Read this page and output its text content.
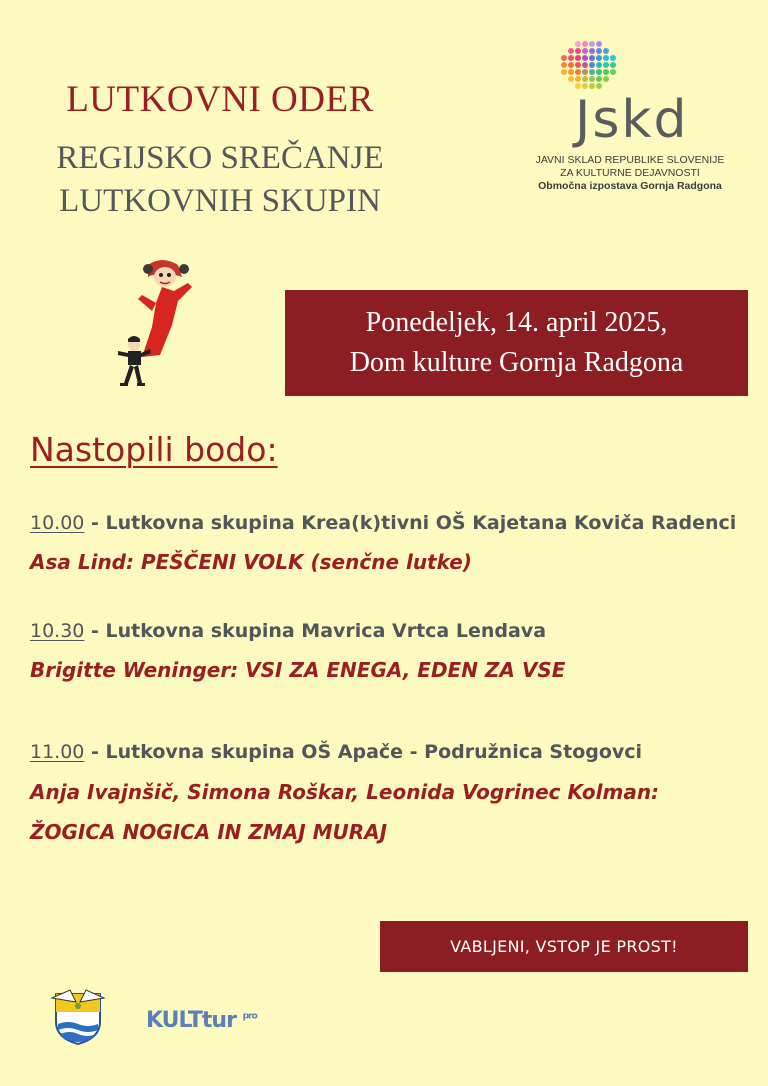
LUTKOVNI ODER
REGIJSKO SREČANJE
LUTKOVNIH SKUPIN
Jskd
JAVNI SKLAD REPUBLIKE SLOVENIJE
ZA KULTURNE DEJAVNOSTI
Območna izpostava Gornja Radgona
Ponedeljek, 14. april 2025,
Dom kulture Gornja Radgona
Nastopili bodo:
10.00 - Lutkovna skupina Krea(k)tivni OŠ Kajetana Koviča Radenci
Asa Lind: PEŠČENI VOLK (senčne lutke)
10.30 - Lutkovna skupina Mavrica Vrtca Lendava
Brigitte Weninger: VSI ZA ENEGA, EDEN ZA VSE
11.00 - Lutkovna skupina OŠ Apače - Podružnica Stogovci
Anja Ivajnšič, Simona Roškar, Leonida Vogrinec Kolman:
ŽOGICA NOGICA IN ZMAJ MURAJ
VABLJENI, VSTOP JE PROST!
KULTtur $^{pro}$
